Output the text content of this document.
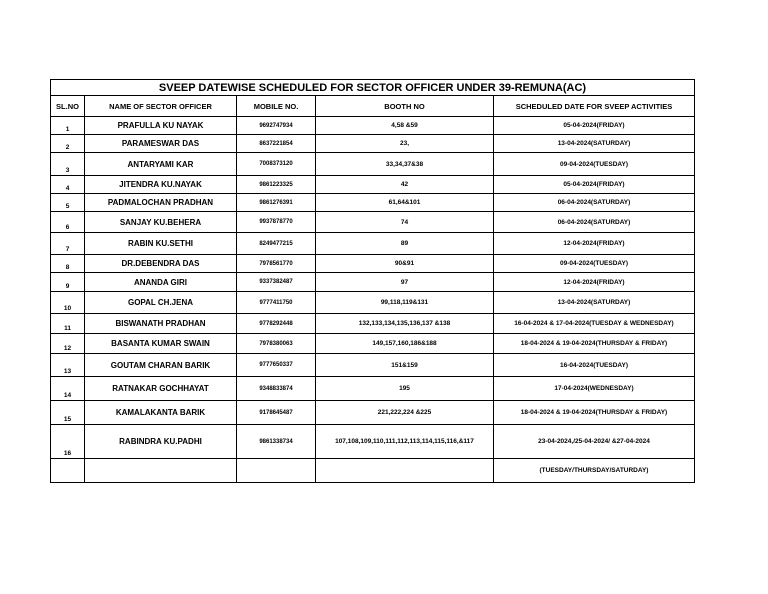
SVEEP DATEWISE SCHEDULED FOR SECTOR OFFICER UNDER 39-REMUNA(AC)				
SL.NO	NAME OF SECTOR OFFICER	MOBILE NO.	BOOTH NO	SCHEDULED DATE FOR SVEEP ACTIVITIES
1	PRAFULLA KU NAYAK	9692747934	4,58 &59	05-04-2024(FRIDAY)
2	PARAMESWAR DAS	8637221854	23,	13-04-2024(SATURDAY)
3	ANTARYAMI KAR	7008373120	33,34,37&38	09-04-2024(TUESDAY)
4	JITENDRA KU.NAYAK	9861223325	42	05-04-2024(FRIDAY)
5	PADMALOCHAN PRADHAN	9861276391	61,64&101	06-04-2024(SATURDAY)
6	SANJAY KU.BEHERA	9937878770	74	06-04-2024(SATURDAY)
7	RABIN KU.SETHI	8249477215	89	12-04-2024(FRIDAY)
8	DR.DEBENDRA DAS	7978561770	90&91	09-04-2024(TUESDAY)
9	ANANDA GIRI	9337382487	97	12-04-2024(FRIDAY)
10	GOPAL CH.JENA	9777411750	99,118,119&131	13-04-2024(SATURDAY)
11	BISWANATH PRADHAN	9778292448	132,133,134,135,136,137 &138	16-04-2024 & 17-04-2024(TUESDAY & WEDNESDAY)
12	BASANTA KUMAR SWAIN	7978380063	149,157,160,186&188	18-04-2024 & 19-04-2024(THURSDAY & FRIDAY)
13	GOUTAM CHARAN BARIK	9777650337	151&159	16-04-2024(TUESDAY)
14	RATNAKAR GOCHHAYAT	9348833874	195	17-04-2024(WEDNESDAY)
15	KAMALAKANTA BARIK	9178645487	221,222,224 &225	18-04-2024 & 19-04-2024(THURSDAY & FRIDAY)
16	RABINDRA KU.PADHI	9861338734	107,108,109,110,111,112,113,114,115,116,&117	23-04-2024,/25-04-2024/ &27-04-2024
				(TUESDAY/THURSDAY/SATURDAY)
